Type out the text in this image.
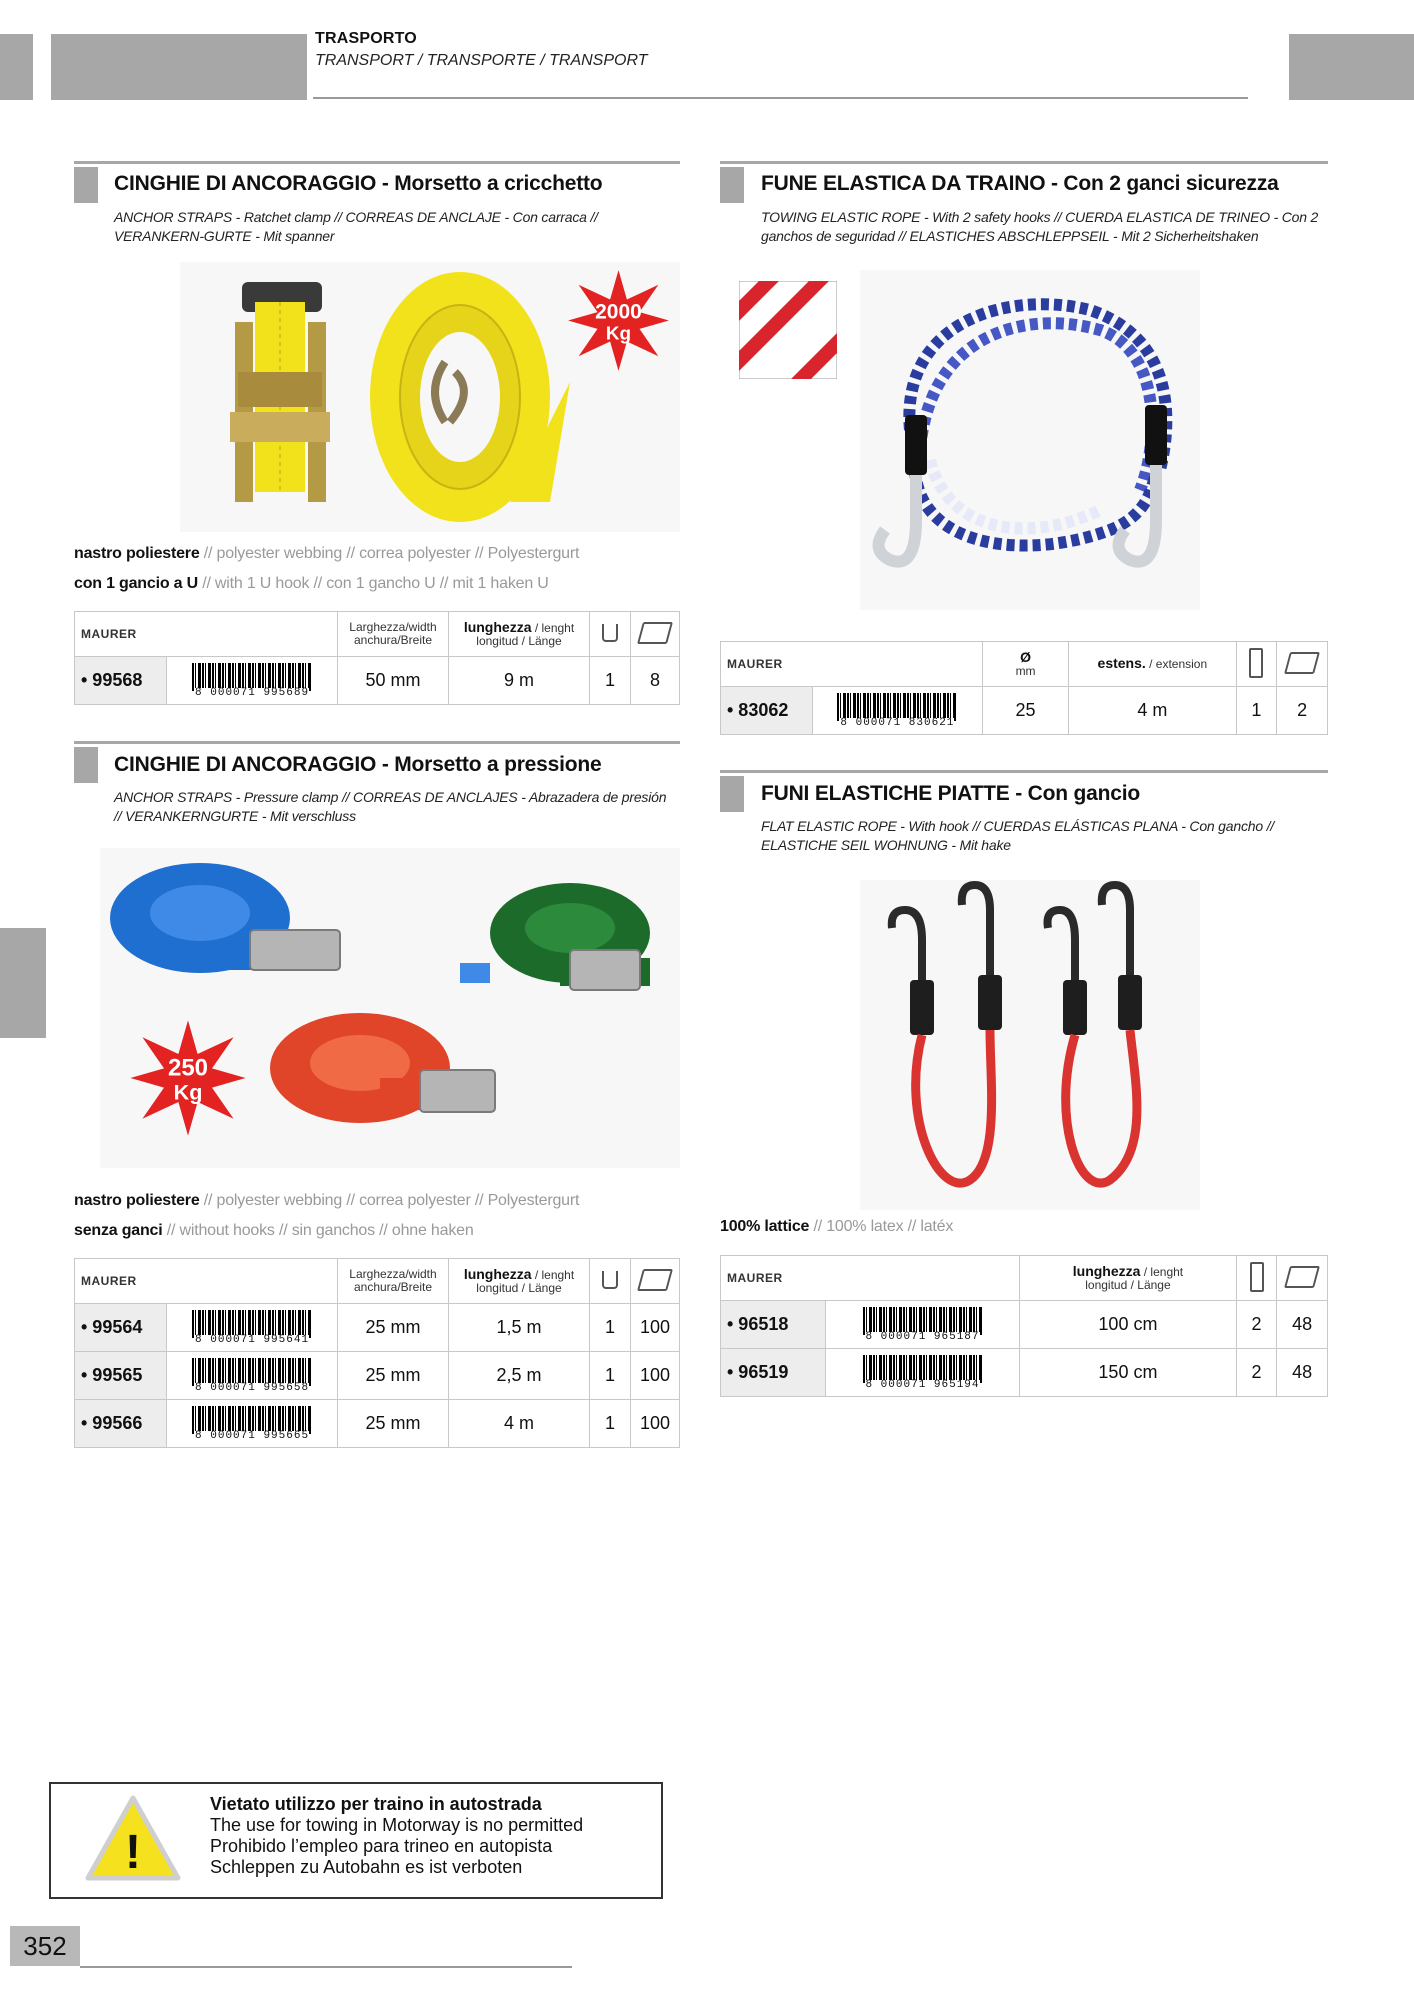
TRASPORTO
TRANSPORT / TRANSPORTE / TRANSPORT
CINGHIE DI ANCORAGGIO - Morsetto a cricchetto
ANCHOR STRAPS - Ratchet clamp // CORREAS DE ANCLAJE - Con carraca // VERANKERN-GURTE - Mit spanner
2000
Kg
nastro poliestere // polyester webbing // correa polyester // Polyestergurt
con 1 gancio a U // with 1 U hook // con 1 gancho U // mit 1 haken U
MAURER		Larghezza/width
anchura/Breite	lunghezza / lenght
longitud / Länge		
• 99568	8 000071 995689	50 mm	9 m	1	8
CINGHIE DI ANCORAGGIO - Morsetto a pressione
ANCHOR STRAPS - Pressure clamp // CORREAS DE ANCLAJES - Abrazadera de presión // VERANKERNGURTE - Mit verschluss
250
Kg
nastro poliestere // polyester webbing // correa polyester // Polyestergurt
senza ganci // without hooks // sin ganchos // ohne haken
MAURER		Larghezza/width
anchura/Breite	lunghezza / lenght
longitud / Länge		
• 99564	8 000071 995641	25 mm	1,5 m	1	100
• 99565	8 000071 995658	25 mm	2,5 m	1	100
• 99566	8 000071 995665	25 mm	4 m	1	100
FUNE ELASTICA DA TRAINO - Con 2 ganci sicurezza
TOWING ELASTIC ROPE - With 2 safety hooks // CUERDA ELASTICA DE TRINEO - Con 2 ganchos de seguridad // ELASTICHES ABSCHLEPPSEIL - Mit 2 Sicherheitshaken
MAURER		Ø
mm	estens. / extension		
• 83062	8 000071 830621	25	4 m	1	2
FUNI ELASTICHE PIATTE - Con gancio
FLAT ELASTIC ROPE - With hook // CUERDAS ELÁSTICAS PLANA - Con gancho // ELASTICHE SEIL WOHNUNG - Mit hake
100% lattice // 100% latex // latéx
MAURER		lunghezza / lenght
longitud / Länge		
• 96518	8 000071 965187	100 cm	2	48
• 96519	8 000071 965194	150 cm	2	48
!
Vietato utilizzo per traino in autostrada
The use for towing in Motorway is no permitted
Prohibido l’empleo para trineo en autopista
Schleppen zu Autobahn es ist verboten
352
